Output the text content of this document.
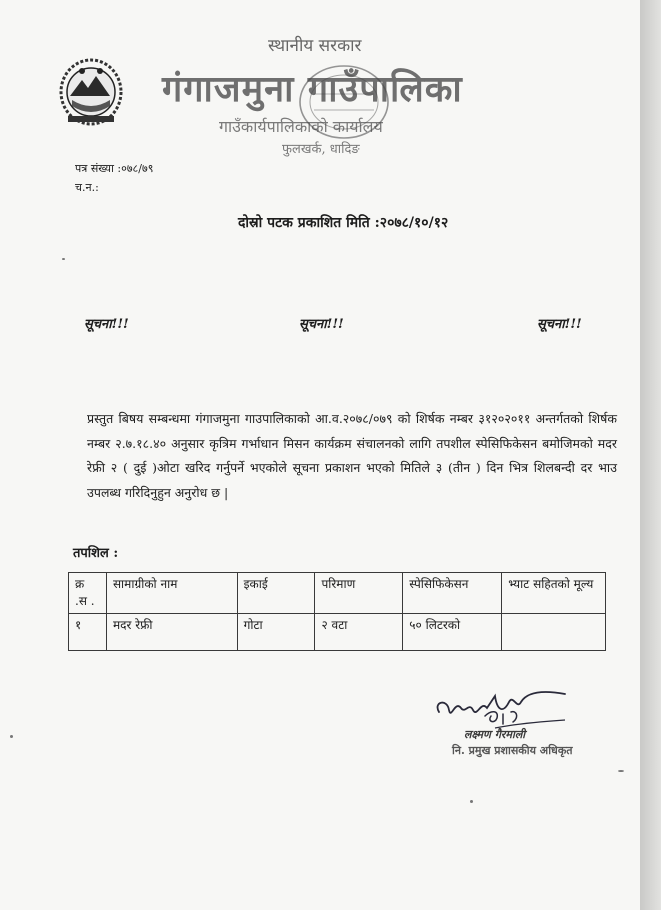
स्थानीय सरकार
गंगाजमुना गाउँपालिका
गाउँकार्यपालिकाको कार्यालय
फुलखर्क, धादिङ
पत्र संख्या :०७८/७९
च.न.:
दोस्रो पटक प्रकाशित मिति :२०७८/१०/१२
सूचना!!!	सूचना!!!	सूचना!!!
प्रस्तुत बिषय सम्बन्धमा गंगाजमुना गाउपालिकाको आ.व.२०७८/०७९ को शिर्षक नम्बर ३१२०२०११ अन्तर्गतको शिर्षक नम्बर २.७.१८.४० अनुसार कृत्रिम गर्भाधान मिसन कार्यक्रम संचालनको लागि तपशील स्पेसिफिकेसन बमोजिमको मदर रेफ्री २ ( दुई )ओटा खरिद गर्नुपर्ने भएकोले सूचना प्रकाशन भएको मितिले ३ (तीन ) दिन भित्र शिलबन्दी दर भाउ उपलब्ध गरिदिनुहुन अनुरोध छ |
तपशिल :
क्र .स .	सामाग्रीको नाम	इकाई	परिमाण	स्पेसिफिकेसन	भ्याट सहितको मूल्य
१	मदर रेफ्री	गोटा	२ वटा	५० लिटरको	
लक्ष्मण गैरमाली
नि. प्रमुख प्रशासकीय अधिकृत
